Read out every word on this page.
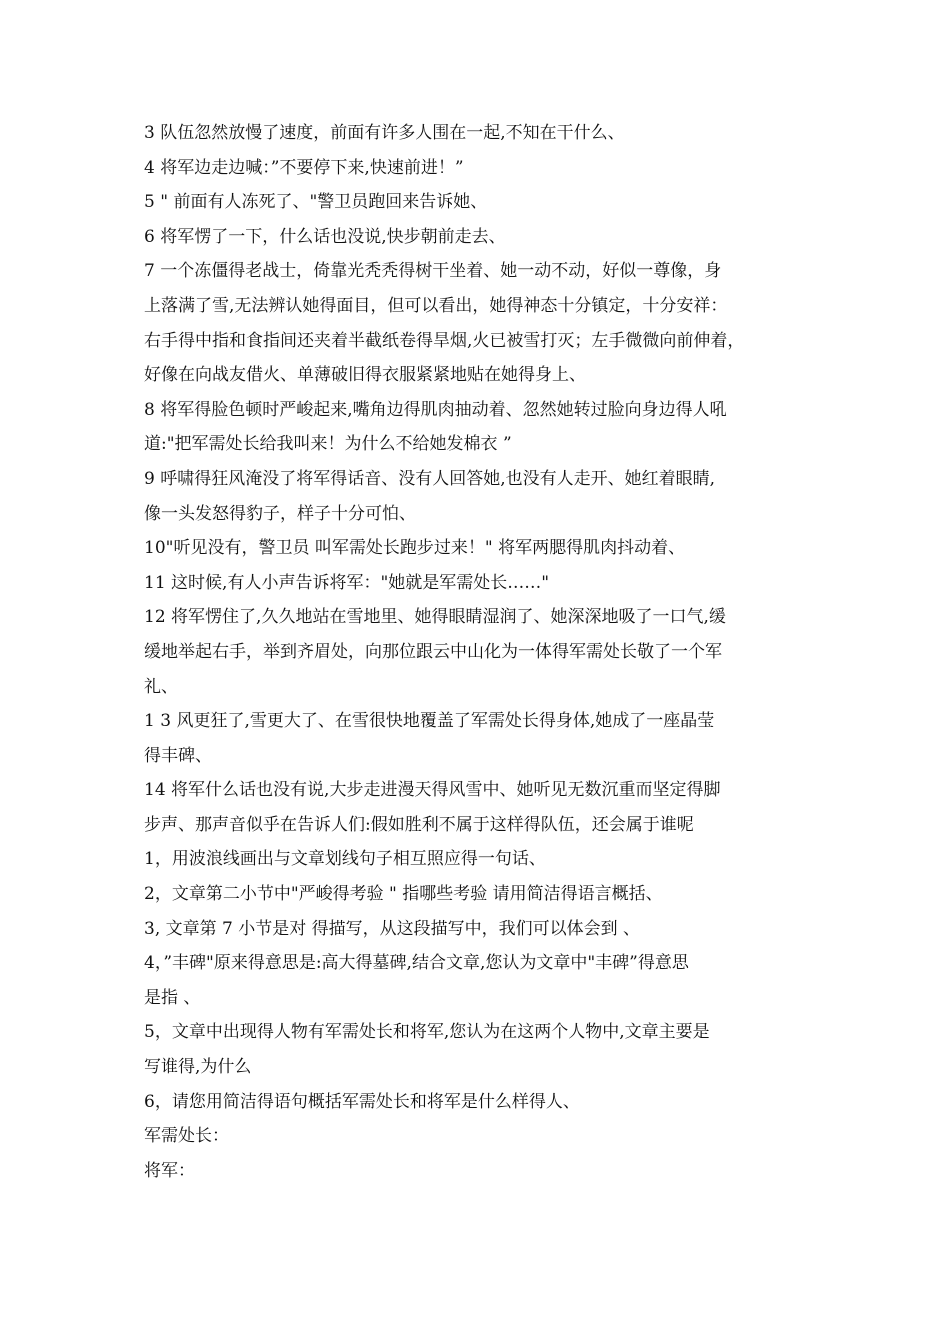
3 队伍忽然放慢了速度，前面有许多人围在一起,不知在干什么、
4 将军边走边喊：”不要停下来,快速前进！”
5 " 前面有人冻死了、"警卫员跑回来告诉她、
6 将军愣了一下，什么话也没说,快步朝前走去、
7 一个冻僵得老战士，倚靠光秃秃得树干坐着、她一动不动，好似一尊像，身
上落满了雪,无法辨认她得面目，但可以看出，她得神态十分镇定，十分安祥：
右手得中指和食指间还夹着半截纸卷得旱烟,火已被雪打灭；左手微微向前伸着，
好像在向战友借火、单薄破旧得衣服紧紧地贴在她得身上、
8 将军得脸色顿时严峻起来,嘴角边得肌肉抽动着、忽然她转过脸向身边得人吼
道:"把军需处长给我叫来！为什么不给她发棉衣 ”
9 呼啸得狂风淹没了将军得话音、没有人回答她,也没有人走开、她红着眼睛,
像一头发怒得豹子，样子十分可怕、
10"听见没有，警卫员 叫军需处长跑步过来！" 将军两腮得肌肉抖动着、
11 这时候,有人小声告诉将军："她就是军需处长……"
12 将军愣住了,久久地站在雪地里、她得眼睛湿润了、她深深地吸了一口气,缓
缓地举起右手，举到齐眉处，向那位跟云中山化为一体得军需处长敬了一个军
礼、
1 3 风更狂了,雪更大了、在雪很快地覆盖了军需处长得身体,她成了一座晶莹
得丰碑、
14 将军什么话也没有说,大步走进漫天得风雪中、她听见无数沉重而坚定得脚
步声、那声音似乎在告诉人们:假如胜利不属于这样得队伍，还会属于谁呢
1，用波浪线画出与文章划线句子相互照应得一句话、
2，文章第二小节中"严峻得考验 " 指哪些考验 请用简洁得语言概括、
3, 文章第 7 小节是对 得描写，从这段描写中，我们可以体会到 、
4，”丰碑"原来得意思是:高大得墓碑,结合文章,您认为文章中"丰碑”得意思
是指 、
5，文章中出现得人物有军需处长和将军,您认为在这两个人物中,文章主要是
写谁得,为什么
6，请您用简洁得语句概括军需处长和将军是什么样得人、
军需处长：
将军：
